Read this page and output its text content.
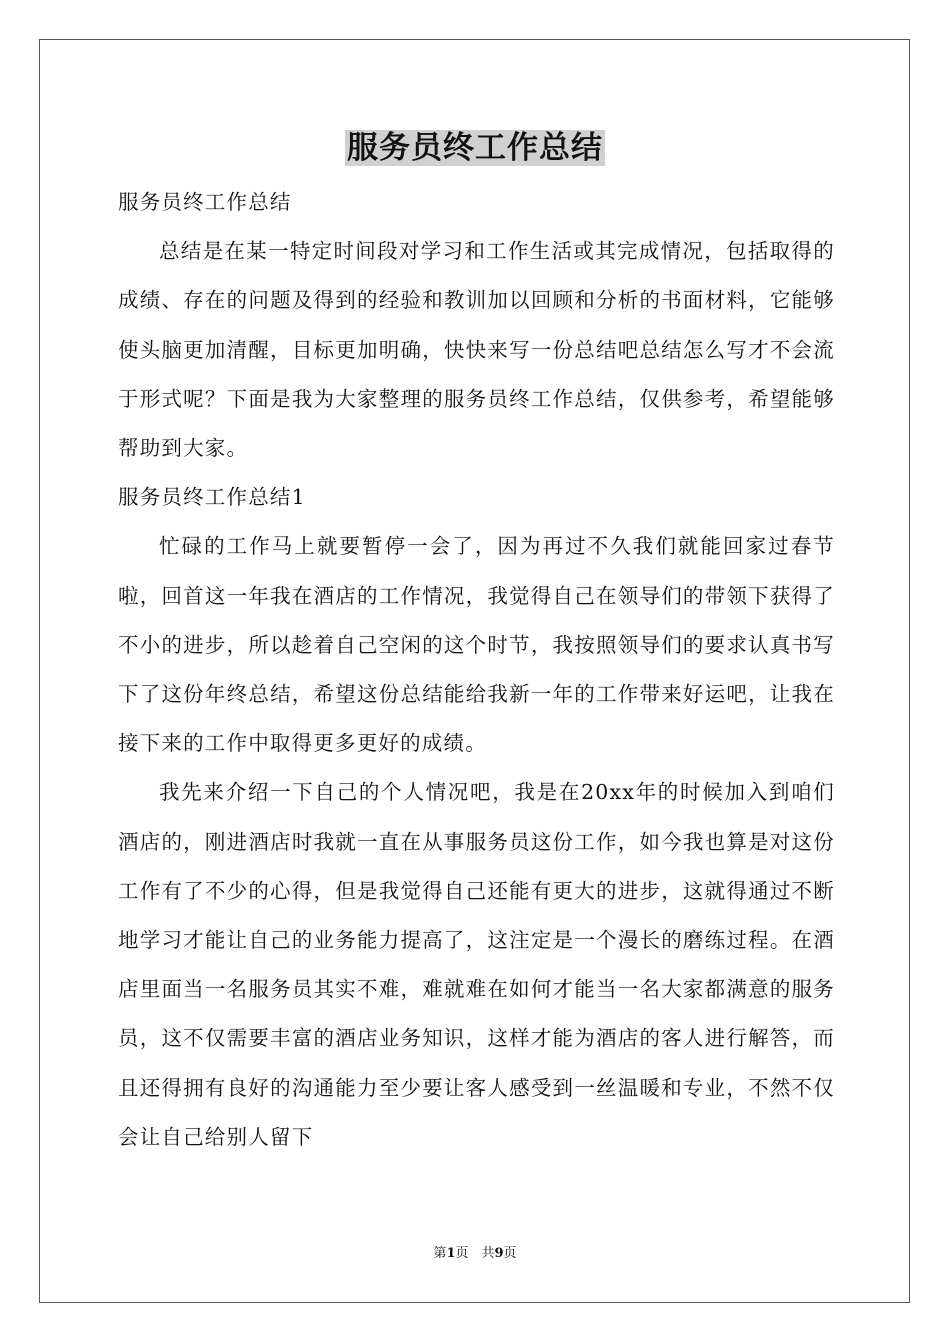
服务员终工作总结

服务员终工作总结

总结是在某一特定时间段对学习和工作生活或其完成情况，包括取得的成绩、存在的问题及得到的经验和教训加以回顾和分析的书面材料，它能够使头脑更加清醒，目标更加明确，快快来写一份总结吧总结怎么写才不会流于形式呢？下面是我为大家整理的服务员终工作总结，仅供参考，希望能够帮助到大家。

服务员终工作总结1

忙碌的工作马上就要暂停一会了，因为再过不久我们就能回家过春节啦，回首这一年我在酒店的工作情况，我觉得自己在领导们的带领下获得了不小的进步，所以趁着自己空闲的这个时节，我按照领导们的要求认真书写下了这份年终总结，希望这份总结能给我新一年的工作带来好运吧，让我在接下来的工作中取得更多更好的成绩。

我先来介绍一下自己的个人情况吧，我是在20xx年的时候加入到咱们酒店的，刚进酒店时我就一直在从事服务员这份工作，如今我也算是对这份工作有了不少的心得，但是我觉得自己还能有更大的进步，这就得通过不断地学习才能让自己的业务能力提高了，这注定是一个漫长的磨练过程。在酒店里面当一名服务员其实不难，难就难在如何才能当一名大家都满意的服务员，这不仅需要丰富的酒店业务知识，这样才能为酒店的客人进行解答，而且还得拥有良好的沟通能力至少要让客人感受到一丝温暖和专业，不然不仅会让自己给别人留下

第1页　共9页
